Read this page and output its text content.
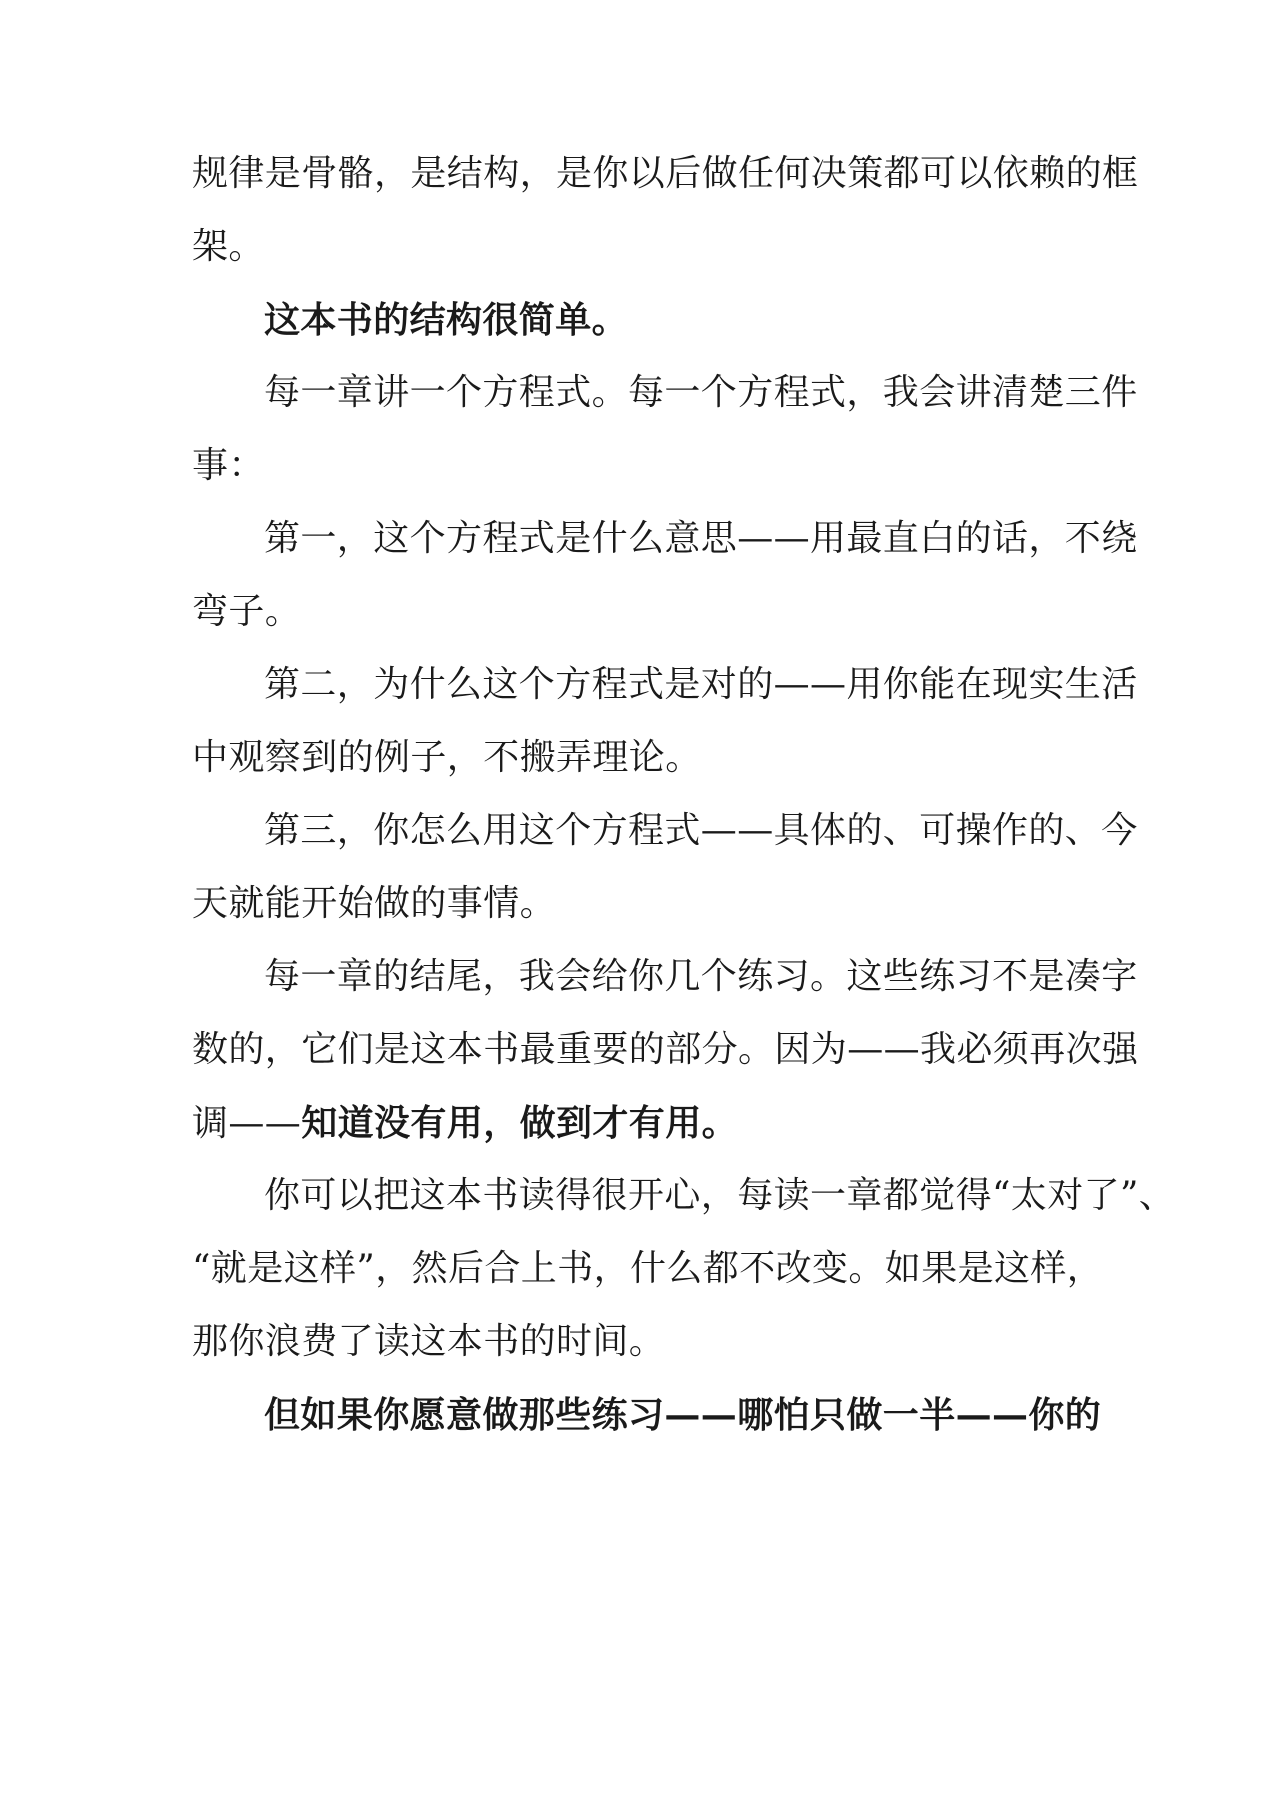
规律是骨骼，是结构，是你以后做任何决策都可以依赖的框
架。
这本书的结构很简单。
每一章讲一个方程式。每一个方程式，我会讲清楚三件
事：
第一，这个方程式是什么意思——用最直白的话，不绕
弯子。
第二，为什么这个方程式是对的——用你能在现实生活
中观察到的例子，不搬弄理论。
第三，你怎么用这个方程式——具体的、可操作的、今
天就能开始做的事情。
每一章的结尾，我会给你几个练习。这些练习不是凑字
数的，它们是这本书最重要的部分。因为——我必须再次强
调——知道没有用，做到才有用。
你可以把这本书读得很开心，每读一章都觉得“太对了”、
“就是这样”，然后合上书，什么都不改变。如果是这样，
那你浪费了读这本书的时间。
但如果你愿意做那些练习——哪怕只做一半——你的
